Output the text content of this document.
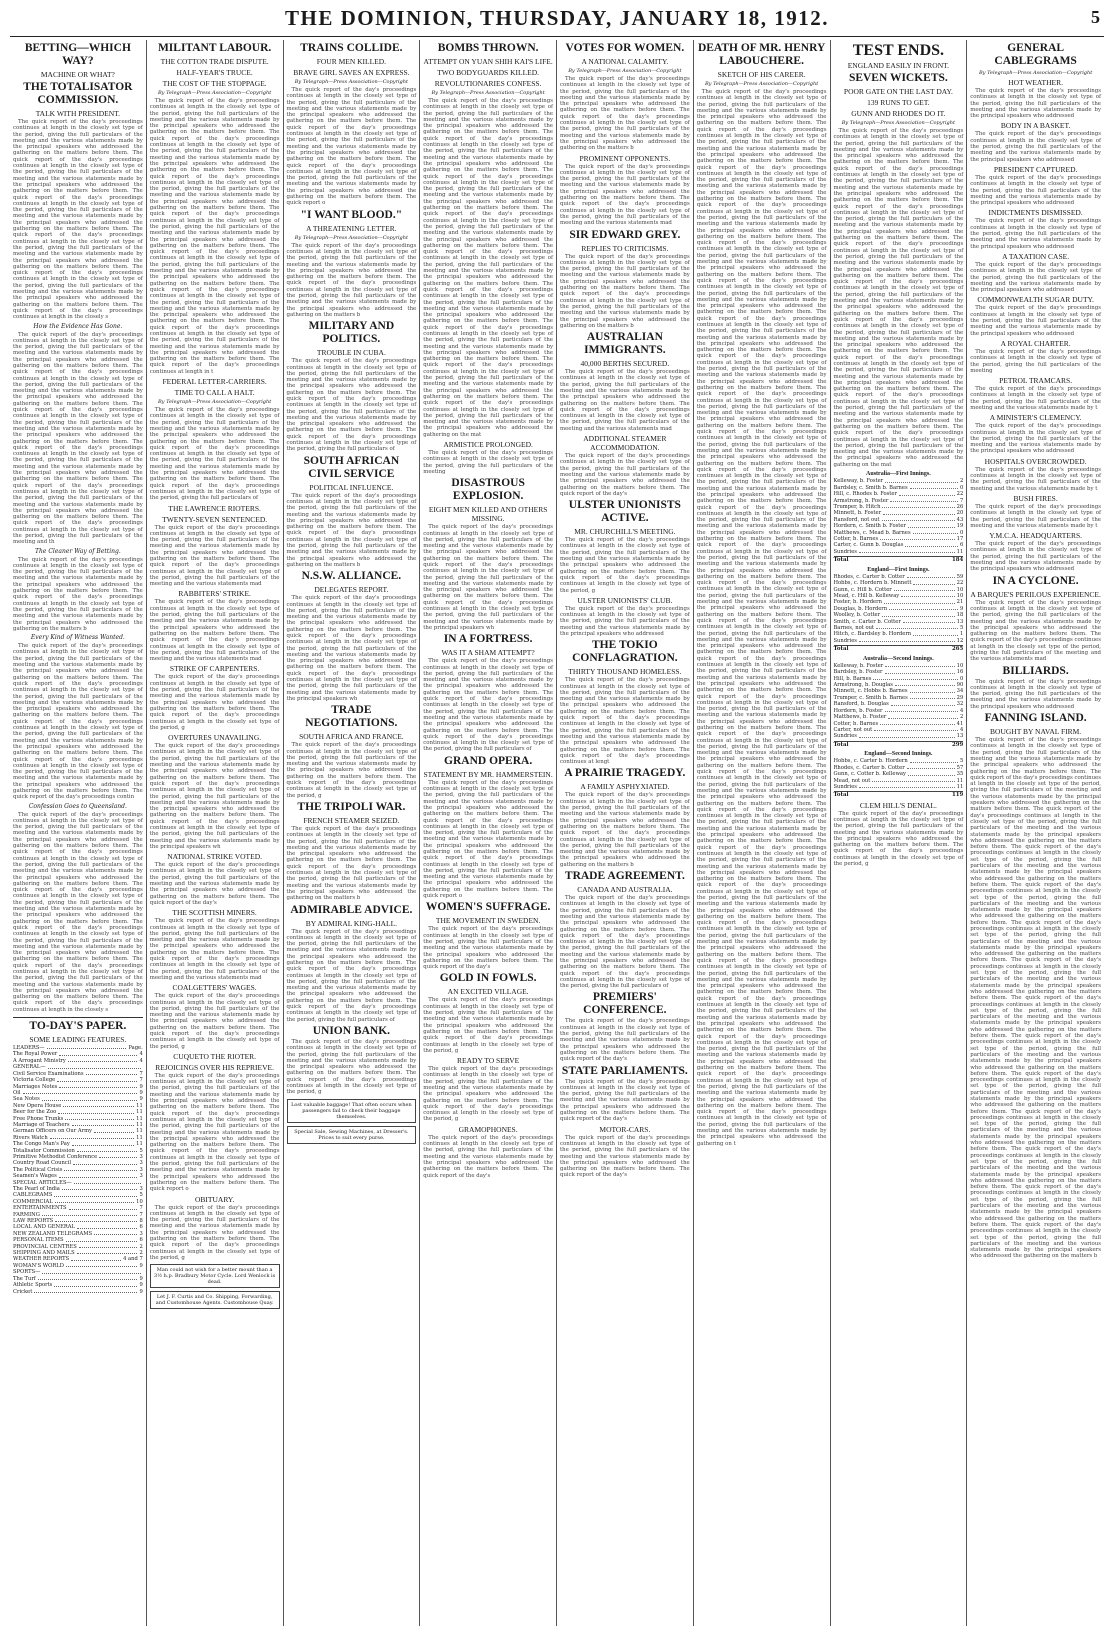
THE DOMINION, THURSDAY, JANUARY 18, 1912.	5
BETTING—WHICH WAY?
MACHINE OR WHAT?
THE TOTALISATOR COMMISSION.
TALK WITH PRESIDENT.

The quick report of the day's proceedings continues at length in the closely set type of the period, giving the full particulars of the meeting and the various statements made by the principal speakers who addressed the gathering on the matters before them. The quick report of the day's proceedings continues at length in the closely set type of the period, giving the full particulars of the meeting and the various statements made by the principal speakers who addressed the gathering on the matters before them. The quick report of the day's proceedings continues at length in the closely set type of the period, giving the full particulars of the meeting and the various statements made by the principal speakers who addressed the gathering on the matters before them. The quick report of the day's proceedings continues at length in the closely set type of the period, giving the full particulars of the meeting and the various statements made by the principal speakers who addressed the gathering on the matters before them. The quick report of the day's proceedings continues at length in the closely set type of the period, giving the full particulars of the meeting and the various statements made by the principal speakers who addressed the gathering on the matters before them. The quick report of the day's proceedings continues at length in the closely s

How the Evidence Has Gone.

The quick report of the day's proceedings continues at length in the closely set type of the period, giving the full particulars of the meeting and the various statements made by the principal speakers who addressed the gathering on the matters before them. The quick report of the day's proceedings continues at length in the closely set type of the period, giving the full particulars of the meeting and the various statements made by the principal speakers who addressed the gathering on the matters before them. The quick report of the day's proceedings continues at length in the closely set type of the period, giving the full particulars of the meeting and the various statements made by the principal speakers who addressed the gathering on the matters before them. The quick report of the day's proceedings continues at length in the closely set type of the period, giving the full particulars of the meeting and the various statements made by the principal speakers who addressed the gathering on the matters before them. The quick report of the day's proceedings continues at length in the closely set type of the period, giving the full particulars of the meeting and the various statements made by the principal speakers who addressed the gathering on the matters before them. The quick report of the day's proceedings continues at length in the closely set type of the period, giving the full particulars of the meeting and th

The Cleaner Way of Betting.

The quick report of the day's proceedings continues at length in the closely set type of the period, giving the full particulars of the meeting and the various statements made by the principal speakers who addressed the gathering on the matters before them. The quick report of the day's proceedings continues at length in the closely set type of the period, giving the full particulars of the meeting and the various statements made by the principal speakers who addressed the gathering on the matters b

Every Kind of Witness Wanted.

The quick report of the day's proceedings continues at length in the closely set type of the period, giving the full particulars of the meeting and the various statements made by the principal speakers who addressed the gathering on the matters before them. The quick report of the day's proceedings continues at length in the closely set type of the period, giving the full particulars of the meeting and the various statements made by the principal speakers who addressed the gathering on the matters before them. The quick report of the day's proceedings continues at length in the closely set type of the period, giving the full particulars of the meeting and the various statements made by the principal speakers who addressed the gathering on the matters before them. The quick report of the day's proceedings continues at length in the closely set type of the period, giving the full particulars of the meeting and the various statements made by the principal speakers who addressed the gathering on the matters before them. The quick report of the day's proceedings contin

Confession Goes to Queensland.

The quick report of the day's proceedings continues at length in the closely set type of the period, giving the full particulars of the meeting and the various statements made by the principal speakers who addressed the gathering on the matters before them. The quick report of the day's proceedings continues at length in the closely set type of the period, giving the full particulars of the meeting and the various statements made by the principal speakers who addressed the gathering on the matters before them. The quick report of the day's proceedings continues at length in the closely set type of the period, giving the full particulars of the meeting and the various statements made by the principal speakers who addressed the gathering on the matters before them. The quick report of the day's proceedings continues at length in the closely set type of the period, giving the full particulars of the meeting and the various statements made by the principal speakers who addressed the gathering on the matters before them. The quick report of the day's proceedings continues at length in the closely set type of the period, giving the full particulars of the meeting and the various statements made by the principal speakers who addressed the gathering on the matters before them. The quick report of the day's proceedings continues at length in the closely s

TO-DAY'S PAPER.
SOME LEADING FEATURES.
LEADERS—	Page.
The Royal Power	4
A Arrogant Ministry	4
GENERAL—
Civil Service Examinations	7
Victoria College	7
Marriages Notes	9
Oil	9
Sea Notes	9
New Opera House	11
Beer for the Zoo	11
Free Phone Trunks	11
Marriage of Teachers	11
German Officers on Our Army	11
Rivers Watch	11
The Congo Man's Pay	11
Totalisator Commission	5
Primitive Methodist Conference	3
Country Road Council	3
The Political Crisis	3
Seamen's Wages	3
SPECIAL ARTICLES—
The Pearl of India	3
CABLEGRAMS	5
COMMERCIAL	10
ENTERTAINMENTS	7
FARMING	7
LAW REPORTS	8
LOCAL AND GENERAL	6
NEW ZEALAND TELEGRAMS	3
PERSONAL ITEMS	6
PROVINCIAL CENTRES	2
SHIPPING AND MAILS	2
WEATHER REPORTS	4 and 7
WOMAN'S WORLD	9
SPORTS—
The Turf	9
Athletic Sports	9
Cricket	9
MILITANT LABOUR.
THE COTTON TRADE DISPUTE.
HALF-YEAR'S TRUCE.
THE COST OF THE STOPPAGE.
By Telegraph—Press Association—Copyright

The quick report of the day's proceedings continues at length in the closely set type of the period, giving the full particulars of the meeting and the various statements made by the principal speakers who addressed the gathering on the matters before them. The quick report of the day's proceedings continues at length in the closely set type of the period, giving the full particulars of the meeting and the various statements made by the principal speakers who addressed the gathering on the matters before them. The quick report of the day's proceedings continues at length in the closely set type of the period, giving the full particulars of the meeting and the various statements made by the principal speakers who addressed the gathering on the matters before them. The quick report of the day's proceedings continues at length in the closely set type of the period, giving the full particulars of the meeting and the various statements made by the principal speakers who addressed the gathering on the matters before them. The quick report of the day's proceedings continues at length in the closely set type of the period, giving the full particulars of the meeting and the various statements made by the principal speakers who addressed the gathering on the matters before them. The quick report of the day's proceedings continues at length in the closely set type of the period, giving the full particulars of the meeting and the various statements made by the principal speakers who addressed the gathering on the matters before them. The quick report of the day's proceedings continues at length in the closely set type of the period, giving the full particulars of the meeting and the various statements made by the principal speakers who addressed the gathering on the matters before them. The quick report of the day's proceedings continues at length in t

FEDERAL LETTER-CARRIERS.
TIME TO CALL A HALT.
By Telegraph—Press Association—Copyright

The quick report of the day's proceedings continues at length in the closely set type of the period, giving the full particulars of the meeting and the various statements made by the principal speakers who addressed the gathering on the matters before them. The quick report of the day's proceedings continues at length in the closely set type of the period, giving the full particulars of the meeting and the various statements made by the principal speakers who addressed the gathering on the matters before them. The quick report of the day's proceedings continues at length in the closely set type of the period, giving the full particulars of

THE LAWRENCE RIOTERS.
TWENTY-SEVEN SENTENCED.

The quick report of the day's proceedings continues at length in the closely set type of the period, giving the full particulars of the meeting and the various statements made by the principal speakers who addressed the gathering on the matters before them. The quick report of the day's proceedings continues at length in the closely set type of the period, giving the full particulars of the meeting and the various statements mad

RABBITERS' STRIKE.

The quick report of the day's proceedings continues at length in the closely set type of the period, giving the full particulars of the meeting and the various statements made by the principal speakers who addressed the gathering on the matters before them. The quick report of the day's proceedings continues at length in the closely set type of the period, giving the full particulars of the meeting and the various statements mad

STRIKE OF CARPENTERS.

The quick report of the day's proceedings continues at length in the closely set type of the period, giving the full particulars of the meeting and the various statements made by the principal speakers who addressed the gathering on the matters before them. The quick report of the day's proceedings continues at length in the closely set type of the period, g

OVERTURES UNAVAILING.

The quick report of the day's proceedings continues at length in the closely set type of the period, giving the full particulars of the meeting and the various statements made by the principal speakers who addressed the gathering on the matters before them. The quick report of the day's proceedings continues at length in the closely set type of the period, giving the full particulars of the meeting and the various statements made by the principal speakers who addressed the gathering on the matters before them. The quick report of the day's proceedings continues at length in the closely set type of the period, giving the full particulars of the meeting and the various statements made by the principal speakers wh

NATIONAL STRIKE VOTED.

The quick report of the day's proceedings continues at length in the closely set type of the period, giving the full particulars of the meeting and the various statements made by the principal speakers who addressed the gathering on the matters before them. The quick report of the day's

THE SCOTTISH MINERS.

The quick report of the day's proceedings continues at length in the closely set type of the period, giving the full particulars of the meeting and the various statements made by the principal speakers who addressed the gathering on the matters before them. The quick report of the day's proceedings continues at length in the closely set type of the period, giving the full particulars of the meeting and the various statements mad

COALGETTERS' WAGES.

The quick report of the day's proceedings continues at length in the closely set type of the period, giving the full particulars of the meeting and the various statements made by the principal speakers who addressed the gathering on the matters before them. The quick report of the day's proceedings continues at length in the closely set type of the period, g

CUQUETO THE RIOTER.
REJOICINGS OVER HIS REPRIEVE.

The quick report of the day's proceedings continues at length in the closely set type of the period, giving the full particulars of the meeting and the various statements made by the principal speakers who addressed the gathering on the matters before them. The quick report of the day's proceedings continues at length in the closely set type of the period, giving the full particulars of the meeting and the various statements made by the principal speakers who addressed the gathering on the matters before them. The quick report of the day's proceedings continues at length in the closely set type of the period, giving the full particulars of the meeting and the various statements made by the principal speakers who addressed the gathering on the matters before them. The quick report o

OBITUARY.

The quick report of the day's proceedings continues at length in the closely set type of the period, giving the full particulars of the meeting and the various statements made by the principal speakers who addressed the gathering on the matters before them. The quick report of the day's proceedings continues at length in the closely set type of the period, g

Man could not wish for a better mount than a 3½ h.p. Bradbury Motor Cycle. Lord Wenlock is dead.
Let J. F. Curtis and Co. Shipping, Forwarding, and Customhouse Agents. Customhouse Quay.
TRAINS COLLIDE.
FOUR MEN KILLED.
BRAVE GIRL SAVES AN EXPRESS.
By Telegraph—Press Association—Copyright

The quick report of the day's proceedings continues at length in the closely set type of the period, giving the full particulars of the meeting and the various statements made by the principal speakers who addressed the gathering on the matters before them. The quick report of the day's proceedings continues at length in the closely set type of the period, giving the full particulars of the meeting and the various statements made by the principal speakers who addressed the gathering on the matters before them. The quick report of the day's proceedings continues at length in the closely set type of the period, giving the full particulars of the meeting and the various statements made by the principal speakers who addressed the gathering on the matters before them. The quick report o

"I WANT BLOOD."
A THREATENING LETTER.
By Telegraph—Press Association—Copyright

The quick report of the day's proceedings continues at length in the closely set type of the period, giving the full particulars of the meeting and the various statements made by the principal speakers who addressed the gathering on the matters before them. The quick report of the day's proceedings continues at length in the closely set type of the period, giving the full particulars of the meeting and the various statements made by the principal speakers who addressed the gathering on the matters b

MILITARY AND POLITICS.
TROUBLE IN CUBA.

The quick report of the day's proceedings continues at length in the closely set type of the period, giving the full particulars of the meeting and the various statements made by the principal speakers who addressed the gathering on the matters before them. The quick report of the day's proceedings continues at length in the closely set type of the period, giving the full particulars of the meeting and the various statements made by the principal speakers who addressed the gathering on the matters before them. The quick report of the day's proceedings continues at length in the closely set type of the period, giving the full particulars of

SOUTH AFRICAN CIVIL SERVICE
POLITICAL INFLUENCE.

The quick report of the day's proceedings continues at length in the closely set type of the period, giving the full particulars of the meeting and the various statements made by the principal speakers who addressed the gathering on the matters before them. The quick report of the day's proceedings continues at length in the closely set type of the period, giving the full particulars of the meeting and the various statements made by the principal speakers who addressed the gathering on the matters b

N.S.W. ALLIANCE.
DELEGATES REPORT.

The quick report of the day's proceedings continues at length in the closely set type of the period, giving the full particulars of the meeting and the various statements made by the principal speakers who addressed the gathering on the matters before them. The quick report of the day's proceedings continues at length in the closely set type of the period, giving the full particulars of the meeting and the various statements made by the principal speakers who addressed the gathering on the matters before them. The quick report of the day's proceedings continues at length in the closely set type of the period, giving the full particulars of the meeting and the various statements made by the principal speakers wh

TRADE NEGOTIATIONS.
SOUTH AFRICA AND FRANCE.

The quick report of the day's proceedings continues at length in the closely set type of the period, giving the full particulars of the meeting and the various statements made by the principal speakers who addressed the gathering on the matters before them. The quick report of the day's proceedings continues at length in the closely set type of the period, g

THE TRIPOLI WAR.
FRENCH STEAMER SEIZED.

The quick report of the day's proceedings continues at length in the closely set type of the period, giving the full particulars of the meeting and the various statements made by the principal speakers who addressed the gathering on the matters before them. The quick report of the day's proceedings continues at length in the closely set type of the period, giving the full particulars of the meeting and the various statements made by the principal speakers who addressed the gathering on the matters b

ADMIRABLE ADVICE.
BY ADMIRAL KING-HALL.

The quick report of the day's proceedings continues at length in the closely set type of the period, giving the full particulars of the meeting and the various statements made by the principal speakers who addressed the gathering on the matters before them. The quick report of the day's proceedings continues at length in the closely set type of the period, giving the full particulars of the meeting and the various statements made by the principal speakers who addressed the gathering on the matters before them. The quick report of the day's proceedings continues at length in the closely set type of the period, giving the full particulars of

UNION BANK.

The quick report of the day's proceedings continues at length in the closely set type of the period, giving the full particulars of the meeting and the various statements made by the principal speakers who addressed the gathering on the matters before them. The quick report of the day's proceedings continues at length in the closely set type of the period, g

Lost valuable baggage! That often occurs when passengers fail to check their baggage themselves.
Special Sale, Sewing Machines, at Dresser's. Prices to suit every purse.
BOMBS THROWN.
ATTEMPT ON YUAN SHIH KAI'S LIFE.
TWO BODYGUARDS KILLED.
REVOLUTIONARIES CONFESS.
By Telegraph—Press Association—Copyright

The quick report of the day's proceedings continues at length in the closely set type of the period, giving the full particulars of the meeting and the various statements made by the principal speakers who addressed the gathering on the matters before them. The quick report of the day's proceedings continues at length in the closely set type of the period, giving the full particulars of the meeting and the various statements made by the principal speakers who addressed the gathering on the matters before them. The quick report of the day's proceedings continues at length in the closely set type of the period, giving the full particulars of the meeting and the various statements made by the principal speakers who addressed the gathering on the matters before them. The quick report of the day's proceedings continues at length in the closely set type of the period, giving the full particulars of the meeting and the various statements made by the principal speakers who addressed the gathering on the matters before them. The quick report of the day's proceedings continues at length in the closely set type of the period, giving the full particulars of the meeting and the various statements made by the principal speakers who addressed the gathering on the matters before them. The quick report of the day's proceedings continues at length in the closely set type of the period, giving the full particulars of the meeting and the various statements made by the principal speakers who addressed the gathering on the matters before them. The quick report of the day's proceedings continues at length in the closely set type of the period, giving the full particulars of the meeting and the various statements made by the principal speakers who addressed the gathering on the matters before them. The quick report of the day's proceedings continues at length in the closely set type of the period, giving the full particulars of the meeting and the various statements made by the principal speakers who addressed the gathering on the matters before them. The quick report of the day's proceedings continues at length in the closely set type of the period, giving the full particulars of the meeting and the various statements made by the principal speakers who addressed the gathering on the mat

ARMISTICE PROLONGED.

The quick report of the day's proceedings continues at length in the closely set type of the period, giving the full particulars of the meeting

DISASTROUS EXPLOSION.
EIGHT MEN KILLED AND OTHERS MISSING.

The quick report of the day's proceedings continues at length in the closely set type of the period, giving the full particulars of the meeting and the various statements made by the principal speakers who addressed the gathering on the matters before them. The quick report of the day's proceedings continues at length in the closely set type of the period, giving the full particulars of the meeting and the various statements made by the principal speakers who addressed the gathering on the matters before them. The quick report of the day's proceedings continues at length in the closely set type of the period, giving the full particulars of the meeting and the various statements made by the principal speakers wh

IN A FORTRESS.
WAS IT A SHAM ATTEMPT?

The quick report of the day's proceedings continues at length in the closely set type of the period, giving the full particulars of the meeting and the various statements made by the principal speakers who addressed the gathering on the matters before them. The quick report of the day's proceedings continues at length in the closely set type of the period, giving the full particulars of the meeting and the various statements made by the principal speakers who addressed the gathering on the matters before them. The quick report of the day's proceedings continues at length in the closely set type of the period, giving the full particulars of

GRAND OPERA.
STATEMENT BY MR. HAMMERSTEIN.

The quick report of the day's proceedings continues at length in the closely set type of the period, giving the full particulars of the meeting and the various statements made by the principal speakers who addressed the gathering on the matters before them. The quick report of the day's proceedings continues at length in the closely set type of the period, giving the full particulars of the meeting and the various statements made by the principal speakers who addressed the gathering on the matters before them. The quick report of the day's proceedings continues at length in the closely set type of the period, giving the full particulars of the meeting and the various statements made by the principal speakers who addressed the gathering on the matters before them. The quick report o

WOMEN'S SUFFRAGE.
THE MOVEMENT IN SWEDEN.

The quick report of the day's proceedings continues at length in the closely set type of the period, giving the full particulars of the meeting and the various statements made by the principal speakers who addressed the gathering on the matters before them. The quick report of the day's

GOLD IN FOWLS.
AN EXCITED VILLAGE.

The quick report of the day's proceedings continues at length in the closely set type of the period, giving the full particulars of the meeting and the various statements made by the principal speakers who addressed the gathering on the matters before them. The quick report of the day's proceedings continues at length in the closely set type of the period, g

READY TO SERVE

The quick report of the day's proceedings continues at length in the closely set type of the period, giving the full particulars of the meeting and the various statements made by the principal speakers who addressed the gathering on the matters before them. The quick report of the day's proceedings continues at length in the closely set type of the period, g

GRAMOPHONES.

The quick report of the day's proceedings continues at length in the closely set type of the period, giving the full particulars of the meeting and the various statements made by the principal speakers who addressed the gathering on the matters before them. The quick report of the day's

VOTES FOR WOMEN.
A NATIONAL CALAMITY.
By Telegraph—Press Association—Copyright

The quick report of the day's proceedings continues at length in the closely set type of the period, giving the full particulars of the meeting and the various statements made by the principal speakers who addressed the gathering on the matters before them. The quick report of the day's proceedings continues at length in the closely set type of the period, giving the full particulars of the meeting and the various statements made by the principal speakers who addressed the gathering on the matters b

PROMINENT OPPONENTS.

The quick report of the day's proceedings continues at length in the closely set type of the period, giving the full particulars of the meeting and the various statements made by the principal speakers who addressed the gathering on the matters before them. The quick report of the day's proceedings continues at length in the closely set type of the period, giving the full particulars of the meeting and the various statements mad

SIR EDWARD GREY.
REPLIES TO CRITICISMS.

The quick report of the day's proceedings continues at length in the closely set type of the period, giving the full particulars of the meeting and the various statements made by the principal speakers who addressed the gathering on the matters before them. The quick report of the day's proceedings continues at length in the closely set type of the period, giving the full particulars of the meeting and the various statements made by the principal speakers who addressed the gathering on the matters b

AUSTRALIAN IMMIGRANTS.
40,000 BERTHS SECURED.

The quick report of the day's proceedings continues at length in the closely set type of the period, giving the full particulars of the meeting and the various statements made by the principal speakers who addressed the gathering on the matters before them. The quick report of the day's proceedings continues at length in the closely set type of the period, giving the full particulars of the meeting and the various statements mad

ADDITIONAL STEAMER ACCOMMODATION.

The quick report of the day's proceedings continues at length in the closely set type of the period, giving the full particulars of the meeting and the various statements made by the principal speakers who addressed the gathering on the matters before them. The quick report of the day's

ULSTER UNIONISTS ACTIVE.
MR. CHURCHILL'S MEETING.

The quick report of the day's proceedings continues at length in the closely set type of the period, giving the full particulars of the meeting and the various statements made by the principal speakers who addressed the gathering on the matters before them. The quick report of the day's proceedings continues at length in the closely set type of the period, g

ULSTER UNIONISTS' CLUB.

The quick report of the day's proceedings continues at length in the closely set type of the period, giving the full particulars of the meeting and the various statements made by the principal speakers who addressed

THE TOKIO CONFLAGRATION.
THIRTY THOUSAND HOMELESS.

The quick report of the day's proceedings continues at length in the closely set type of the period, giving the full particulars of the meeting and the various statements made by the principal speakers who addressed the gathering on the matters before them. The quick report of the day's proceedings continues at length in the closely set type of the period, giving the full particulars of the meeting and the various statements made by the principal speakers who addressed the gathering on the matters before them. The quick report of the day's proceedings continues at lengt

A PRAIRIE TRAGEDY.
A FAMILY ASPHYXIATED.

The quick report of the day's proceedings continues at length in the closely set type of the period, giving the full particulars of the meeting and the various statements made by the principal speakers who addressed the gathering on the matters before them. The quick report of the day's proceedings continues at length in the closely set type of the period, giving the full particulars of the meeting and the various statements made by the principal speakers who addressed the gathering on the matters b

TRADE AGREEMENT.
CANADA AND AUSTRALIA.

The quick report of the day's proceedings continues at length in the closely set type of the period, giving the full particulars of the meeting and the various statements made by the principal speakers who addressed the gathering on the matters before them. The quick report of the day's proceedings continues at length in the closely set type of the period, giving the full particulars of the meeting and the various statements made by the principal speakers who addressed the gathering on the matters before them. The quick report of the day's proceedings continues at length in the closely set type of the period, giving the full particulars of

PREMIERS' CONFERENCE.

The quick report of the day's proceedings continues at length in the closely set type of the period, giving the full particulars of the meeting and the various statements made by the principal speakers who addressed the gathering on the matters before them. The quick report of the day's

STATE PARLIAMENTS.

The quick report of the day's proceedings continues at length in the closely set type of the period, giving the full particulars of the meeting and the various statements made by the principal speakers who addressed the gathering on the matters before them. The quick report of the day's

MOTOR-CARS.

The quick report of the day's proceedings continues at length in the closely set type of the period, giving the full particulars of the meeting and the various statements made by the principal speakers who addressed the gathering on the matters before them. The quick report of the day's

DEATH OF MR. HENRY LABOUCHERE.
SKETCH OF HIS CAREER.
By Telegraph—Press Association—Copyright

The quick report of the day's proceedings continues at length in the closely set type of the period, giving the full particulars of the meeting and the various statements made by the principal speakers who addressed the gathering on the matters before them. The quick report of the day's proceedings continues at length in the closely set type of the period, giving the full particulars of the meeting and the various statements made by the principal speakers who addressed the gathering on the matters before them. The quick report of the day's proceedings continues at length in the closely set type of the period, giving the full particulars of the meeting and the various statements made by the principal speakers who addressed the gathering on the matters before them. The quick report of the day's proceedings continues at length in the closely set type of the period, giving the full particulars of the meeting and the various statements made by the principal speakers who addressed the gathering on the matters before them. The quick report of the day's proceedings continues at length in the closely set type of the period, giving the full particulars of the meeting and the various statements made by the principal speakers who addressed the gathering on the matters before them. The quick report of the day's proceedings continues at length in the closely set type of the period, giving the full particulars of the meeting and the various statements made by the principal speakers who addressed the gathering on the matters before them. The quick report of the day's proceedings continues at length in the closely set type of the period, giving the full particulars of the meeting and the various statements made by the principal speakers who addressed the gathering on the matters before them. The quick report of the day's proceedings continues at length in the closely set type of the period, giving the full particulars of the meeting and the various statements made by the principal speakers who addressed the gathering on the matters before them. The quick report of the day's proceedings continues at length in the closely set type of the period, giving the full particulars of the meeting and the various statements made by the principal speakers who addressed the gathering on the matters before them. The quick report of the day's proceedings continues at length in the closely set type of the period, giving the full particulars of the meeting and the various statements made by the principal speakers who addressed the gathering on the matters before them. The quick report of the day's proceedings continues at length in the closely set type of the period, giving the full particulars of the meeting and the various statements made by the principal speakers who addressed the gathering on the matters before them. The quick report of the day's proceedings continues at length in the closely set type of the period, giving the full particulars of the meeting and the various statements made by the principal speakers who addressed the gathering on the matters before them. The quick report of the day's proceedings continues at length in the closely set type of the period, giving the full particulars of the meeting and the various statements made by the principal speakers who addressed the gathering on the matters before them. The quick report of the day's proceedings continues at length in the closely set type of the period, giving the full particulars of the meeting and the various statements made by the principal speakers who addressed the gathering on the matters before them. The quick report of the day's proceedings continues at length in the closely set type of the period, giving the full particulars of the meeting and the various statements made by the principal speakers who addressed the gathering on the matters before them. The quick report of the day's proceedings continues at length in the closely set type of the period, giving the full particulars of the meeting and the various statements made by the principal speakers who addressed the gathering on the matters before them. The quick report of the day's proceedings continues at length in the closely set type of the period, giving the full particulars of the meeting and the various statements made by the principal speakers who addressed the gathering on the matters before them. The quick report of the day's proceedings continues at length in the closely set type of the period, giving the full particulars of the meeting and the various statements made by the principal speakers who addressed the gathering on the matters before them. The quick report of the day's proceedings continues at length in the closely set type of the period, giving the full particulars of the meeting and the various statements made by the principal speakers who addressed the gathering on the matters before them. The quick report of the day's proceedings continues at length in the closely set type of the period, giving the full particulars of the meeting and the various statements made by the principal speakers who addressed the gathering on the matters before them. The quick report of the day's proceedings continues at length in the closely set type of the period, giving the full particulars of the meeting and the various statements made by the principal speakers who addressed the gathering on the matters before them. The quick report of the day's proceedings continues at length in the closely set type of the period, giving the full particulars of the meeting and the various statements made by the principal speakers who addressed the gathering on the matters before them. The quick report of the day's proceedings continues at length in the closely set type of the period, giving the full particulars of the meeting and the various statements made by the principal speakers who addressed the gathering on the matters before them. The quick report of the day's proceedings continues at length in the closely set type of the period, giving the full particulars of the meeting and the various statements made by the principal speakers who addressed the gathering on the matters before them. The quick report of the day's proceedings continues at length in the closely set type of the period, giving the full particulars of the meeting and the various statements made by the principal speakers who addressed the gathering on the matters before them. The quick report of the day's proceedings continues at length in the closely set type of the period, giving the full particulars of the meeting and the various statements made by the principal speakers who addressed the gathering on the matters before them. The quick report of the day's proceedings continues at length in the closely set type of the period, giving the full particulars of the meeting and the various statements made by the principal speakers who addressed the gathering on the matters before them. The quick report of the day's proceedings continues at length in the closely set type of the period, giving the full particulars of the meeting and the various statements made by the principal speakers who addressed the gathering on t

TEST ENDS.
ENGLAND EASILY IN FRONT.
SEVEN WICKETS.
POOR GATE ON THE LAST DAY.
139 RUNS TO GET.
GUNN AND RHODES DO IT.
By Telegraph—Press Association—Copyright

The quick report of the day's proceedings continues at length in the closely set type of the period, giving the full particulars of the meeting and the various statements made by the principal speakers who addressed the gathering on the matters before them. The quick report of the day's proceedings continues at length in the closely set type of the period, giving the full particulars of the meeting and the various statements made by the principal speakers who addressed the gathering on the matters before them. The quick report of the day's proceedings continues at length in the closely set type of the period, giving the full particulars of the meeting and the various statements made by the principal speakers who addressed the gathering on the matters before them. The quick report of the day's proceedings continues at length in the closely set type of the period, giving the full particulars of the meeting and the various statements made by the principal speakers who addressed the gathering on the matters before them. The quick report of the day's proceedings continues at length in the closely set type of the period, giving the full particulars of the meeting and the various statements made by the principal speakers who addressed the gathering on the matters before them. The quick report of the day's proceedings continues at length in the closely set type of the period, giving the full particulars of the meeting and the various statements made by the principal speakers who addressed the gathering on the matters before them. The quick report of the day's proceedings continues at length in the closely set type of the period, giving the full particulars of the meeting and the various statements made by the principal speakers who addressed the gathering on the matters before them. The quick report of the day's proceedings continues at length in the closely set type of the period, giving the full particulars of the meeting and the various statements made by the principal speakers who addressed the gathering on the matters before them. The quick report of the day's proceedings continues at length in the closely set type of the period, giving the full particulars of the meeting and the various statements made by the principal speakers who addressed the gathering on the mat

Australia—First Innings.
Kelleway, b. Foster	2
Bardsley, c. Smith b. Barnes	0
Hill, c. Rhodes b. Foster	22
Armstrong, b. Foster	7
Trumper, b. Hitch	26
Minnett, b. Foster	20
Ransford, not out	43
Hordern, c. Smith b. Foster	19
Matthews, c. Mead b. Barnes	0
Cotter, b. Barnes	17
Carter, c. Gunn b. Douglas	6
Sundries	11
Total	184
England—First Innings.
Rhodes, c. Carter b. Cotter	59
Hobbs, c. Hordern b. Minnett	22
Gunn, c. Hill b. Cotter	10
Mead, c. Hill b. Kelleway	10
Foster, b. Hordern	21
Douglas, b. Hordern	9
Woolley, b. Cotter	18
Smith, c. Carter b. Cotter	13
Barnes, not out	5
Hitch, c. Bardsley b. Hordern	1
Sundries	12
Total	265
Australia—Second Innings.
Kelleway, b. Foster	10
Bardsley, b. Foster	16
Hill, b. Barnes	0
Armstrong, b. Douglas	90
Minnett, c. Hobbs b. Barnes	34
Trumper, c. Smith b. Barnes	29
Ransford, b. Douglas	32
Hordern, b. Foster	4
Matthews, b. Foster	2
Cotter, b. Barnes	41
Carter, not out	4
Sundries	13
Total	299
England—Second Innings.
Hobbs, c. Carter b. Hordern	5
Rhodes, c. Carter b. Cotter	57
Gunn, c. Cotter b. Kelleway	35
Mead, not out	11
Sundries	11
Total	119
CLEM HILL'S DENIAL.

The quick report of the day's proceedings continues at length in the closely set type of the period, giving the full particulars of the meeting and the various statements made by the principal speakers who addressed the gathering on the matters before them. The quick report of the day's proceedings continues at length in the closely set type of the period, g

GENERAL CABLEGRAMS
By Telegraph—Press Association—Copyright
HOT WEATHER.

The quick report of the day's proceedings continues at length in the closely set type of the period, giving the full particulars of the meeting and the various statements made by the principal speakers who addressed

BODY IN A BASKET.

The quick report of the day's proceedings continues at length in the closely set type of the period, giving the full particulars of the meeting and the various statements made by the principal speakers who addressed

PRESIDENT CAPTURED.

The quick report of the day's proceedings continues at length in the closely set type of the period, giving the full particulars of the meeting and the various statements made by the principal speakers who addressed

INDICTMENTS DISMISSED.

The quick report of the day's proceedings continues at length in the closely set type of the period, giving the full particulars of the meeting and the various statements made by the principal speakers who addressed

A TAXATION CASE.

The quick report of the day's proceedings continues at length in the closely set type of the period, giving the full particulars of the meeting and the various statements made by the principal speakers who addressed

COMMONWEALTH SUGAR DUTY.

The quick report of the day's proceedings continues at length in the closely set type of the period, giving the full particulars of the meeting and the various statements made by the principal speakers who addressed

A ROYAL CHARTER.

The quick report of the day's proceedings continues at length in the closely set type of the period, giving the full particulars of the meeting

PETROL TRAMCARS.

The quick report of the day's proceedings continues at length in the closely set type of the period, giving the full particulars of the meeting and the various statements made by t

A MINISTER'S CLEMENCY.

The quick report of the day's proceedings continues at length in the closely set type of the period, giving the full particulars of the meeting and the various statements made by the principal speakers who addressed

HOSPITALS OVERCROWDED.

The quick report of the day's proceedings continues at length in the closely set type of the period, giving the full particulars of the meeting and the various statements made by t

BUSH FIRES.

The quick report of the day's proceedings continues at length in the closely set type of the period, giving the full particulars of the meeting and the various statements made by t

Y.M.C.A. HEADQUARTERS.

The quick report of the day's proceedings continues at length in the closely set type of the period, giving the full particulars of the meeting and the various statements made by the principal speakers who addressed

IN A CYCLONE.
A BARQUE'S PERILOUS EXPERIENCE.

The quick report of the day's proceedings continues at length in the closely set type of the period, giving the full particulars of the meeting and the various statements made by the principal speakers who addressed the gathering on the matters before them. The quick report of the day's proceedings continues at length in the closely set type of the period, giving the full particulars of the meeting and the various statements mad

BILLIARDS.

The quick report of the day's proceedings continues at length in the closely set type of the period, giving the full particulars of the meeting and the various statements made by the principal speakers who addressed

FANNING ISLAND.
BOUGHT BY NAVAL FIRM.

The quick report of the day's proceedings continues at length in the closely set type of the period, giving the full particulars of the meeting and the various statements made by the principal speakers who addressed the gathering on the matters before them. The quick report of the day's proceedings continues at length in the closely set type of the period, giving the full particulars of the meeting and the various statements made by the principal speakers who addressed the gathering on the matters before them. The quick report of the day's proceedings continues at length in the closely set type of the period, giving the full particulars of the meeting and the various statements made by the principal speakers who addressed the gathering on the matters before them. The quick report of the day's proceedings continues at length in the closely set type of the period, giving the full particulars of the meeting and the various statements made by the principal speakers who addressed the gathering on the matters before them. The quick report of the day's proceedings continues at length in the closely set type of the period, giving the full particulars of the meeting and the various statements made by the principal speakers who addressed the gathering on the matters before them. The quick report of the day's proceedings continues at length in the closely set type of the period, giving the full particulars of the meeting and the various statements made by the principal speakers who addressed the gathering on the matters before them. The quick report of the day's proceedings continues at length in the closely set type of the period, giving the full particulars of the meeting and the various statements made by the principal speakers who addressed the gathering on the matters before them. The quick report of the day's proceedings continues at length in the closely set type of the period, giving the full particulars of the meeting and the various statements made by the principal speakers who addressed the gathering on the matters before them. The quick report of the day's proceedings continues at length in the closely set type of the period, giving the full particulars of the meeting and the various statements made by the principal speakers who addressed the gathering on the matters before them. The quick report of the day's proceedings continues at length in the closely set type of the period, giving the full particulars of the meeting and the various statements made by the principal speakers who addressed the gathering on the matters before them. The quick report of the day's proceedings continues at length in the closely set type of the period, giving the full particulars of the meeting and the various statements made by the principal speakers who addressed the gathering on the matters before them. The quick report of the day's proceedings continues at length in the closely set type of the period, giving the full particulars of the meeting and the various statements made by the principal speakers who addressed the gathering on the matters before them. The quick report of the day's proceedings continues at length in the closely set type of the period, giving the full particulars of the meeting and the various statements made by the principal speakers who addressed the gathering on the matters before them. The quick report of the day's proceedings continues at length in the closely set type of the period, giving the full particulars of the meeting and the various statements made by the principal speakers who addressed the gathering on the matters b
